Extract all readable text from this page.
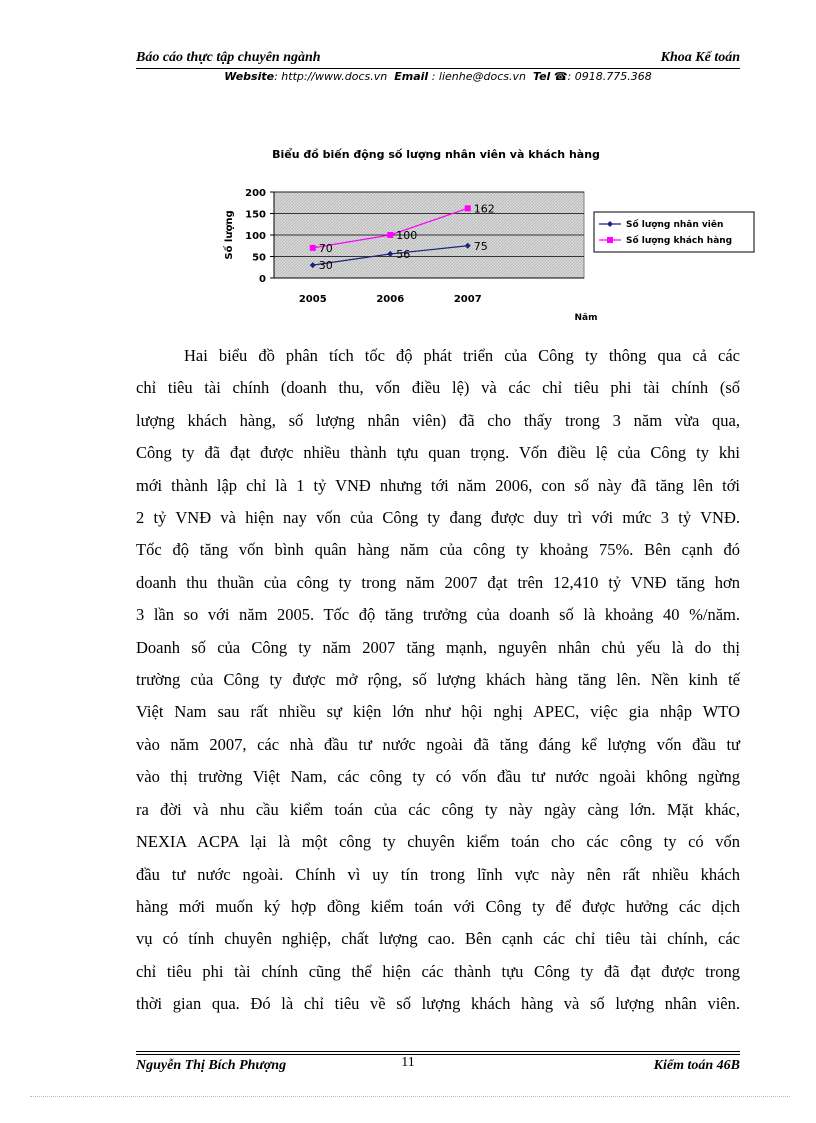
Báo cáo thực tập chuyên ngành	Khoa Kế toán
Website: http://www.docs.vn Email : lienhe@docs.vn Tel ☎: 0918.775.368
Biểu đồ biến động số lượng nhân viên và khách hàng
0
50
100
150
200
2005	2006	2007
Số lượng
Năm
30
56
75
70
100
162
Số lượng nhân viên
Số lượng khách hàng
Hai biểu đồ phân tích tốc độ phát triển của Công ty thông qua cả các
chỉ tiêu tài chính (doanh thu, vốn điều lệ) và các chỉ tiêu phi tài chính (số
lượng khách hàng, số lượng nhân viên) đã cho thấy trong 3 năm vừa qua,
Công ty đã đạt được nhiều thành tựu quan trọng. Vốn điều lệ của Công ty khi
mới thành lập chỉ là 1 tỷ VNĐ nhưng tới năm 2006, con số này đã tăng lên tới
2 tỷ VNĐ và hiện nay vốn của Công ty đang được duy trì với mức 3 tỷ VNĐ.
Tốc độ tăng vốn bình quân hàng năm của công ty khoảng 75%. Bên cạnh đó
doanh thu thuần của công ty trong năm 2007 đạt trên 12,410 tỷ VNĐ tăng hơn
3 lần so với năm 2005. Tốc độ tăng trưởng của doanh số là khoảng 40 %/năm.
Doanh số của Công ty năm 2007 tăng mạnh, nguyên nhân chủ yếu là do thị
trường của Công ty được mở rộng, số lượng khách hàng tăng lên. Nền kinh tế
Việt Nam sau rất nhiều sự kiện lớn như hội nghị APEC, việc gia nhập WTO
vào năm 2007, các nhà đầu tư nước ngoài đã tăng đáng kể lượng vốn đầu tư
vào thị trường Việt Nam, các công ty có vốn đầu tư nước ngoài không ngừng
ra đời và nhu cầu kiểm toán của các công ty này ngày càng lớn. Mặt khác,
NEXIA ACPA lại là một công ty chuyên kiểm toán cho các công ty có vốn
đầu tư nước ngoài. Chính vì uy tín trong lĩnh vực này nên rất nhiều khách
hàng mới muốn ký hợp đồng kiểm toán với Công ty để được hưởng các dịch
vụ có tính chuyên nghiệp, chất lượng cao. Bên cạnh các chỉ tiêu tài chính, các
chỉ tiêu phi tài chính cũng thể hiện các thành tựu Công ty đã đạt được trong
thời gian qua. Đó là chỉ tiêu về số lượng khách hàng và số lượng nhân viên.
Nguyễn Thị Bích Phượng	11	Kiểm toán 46B
